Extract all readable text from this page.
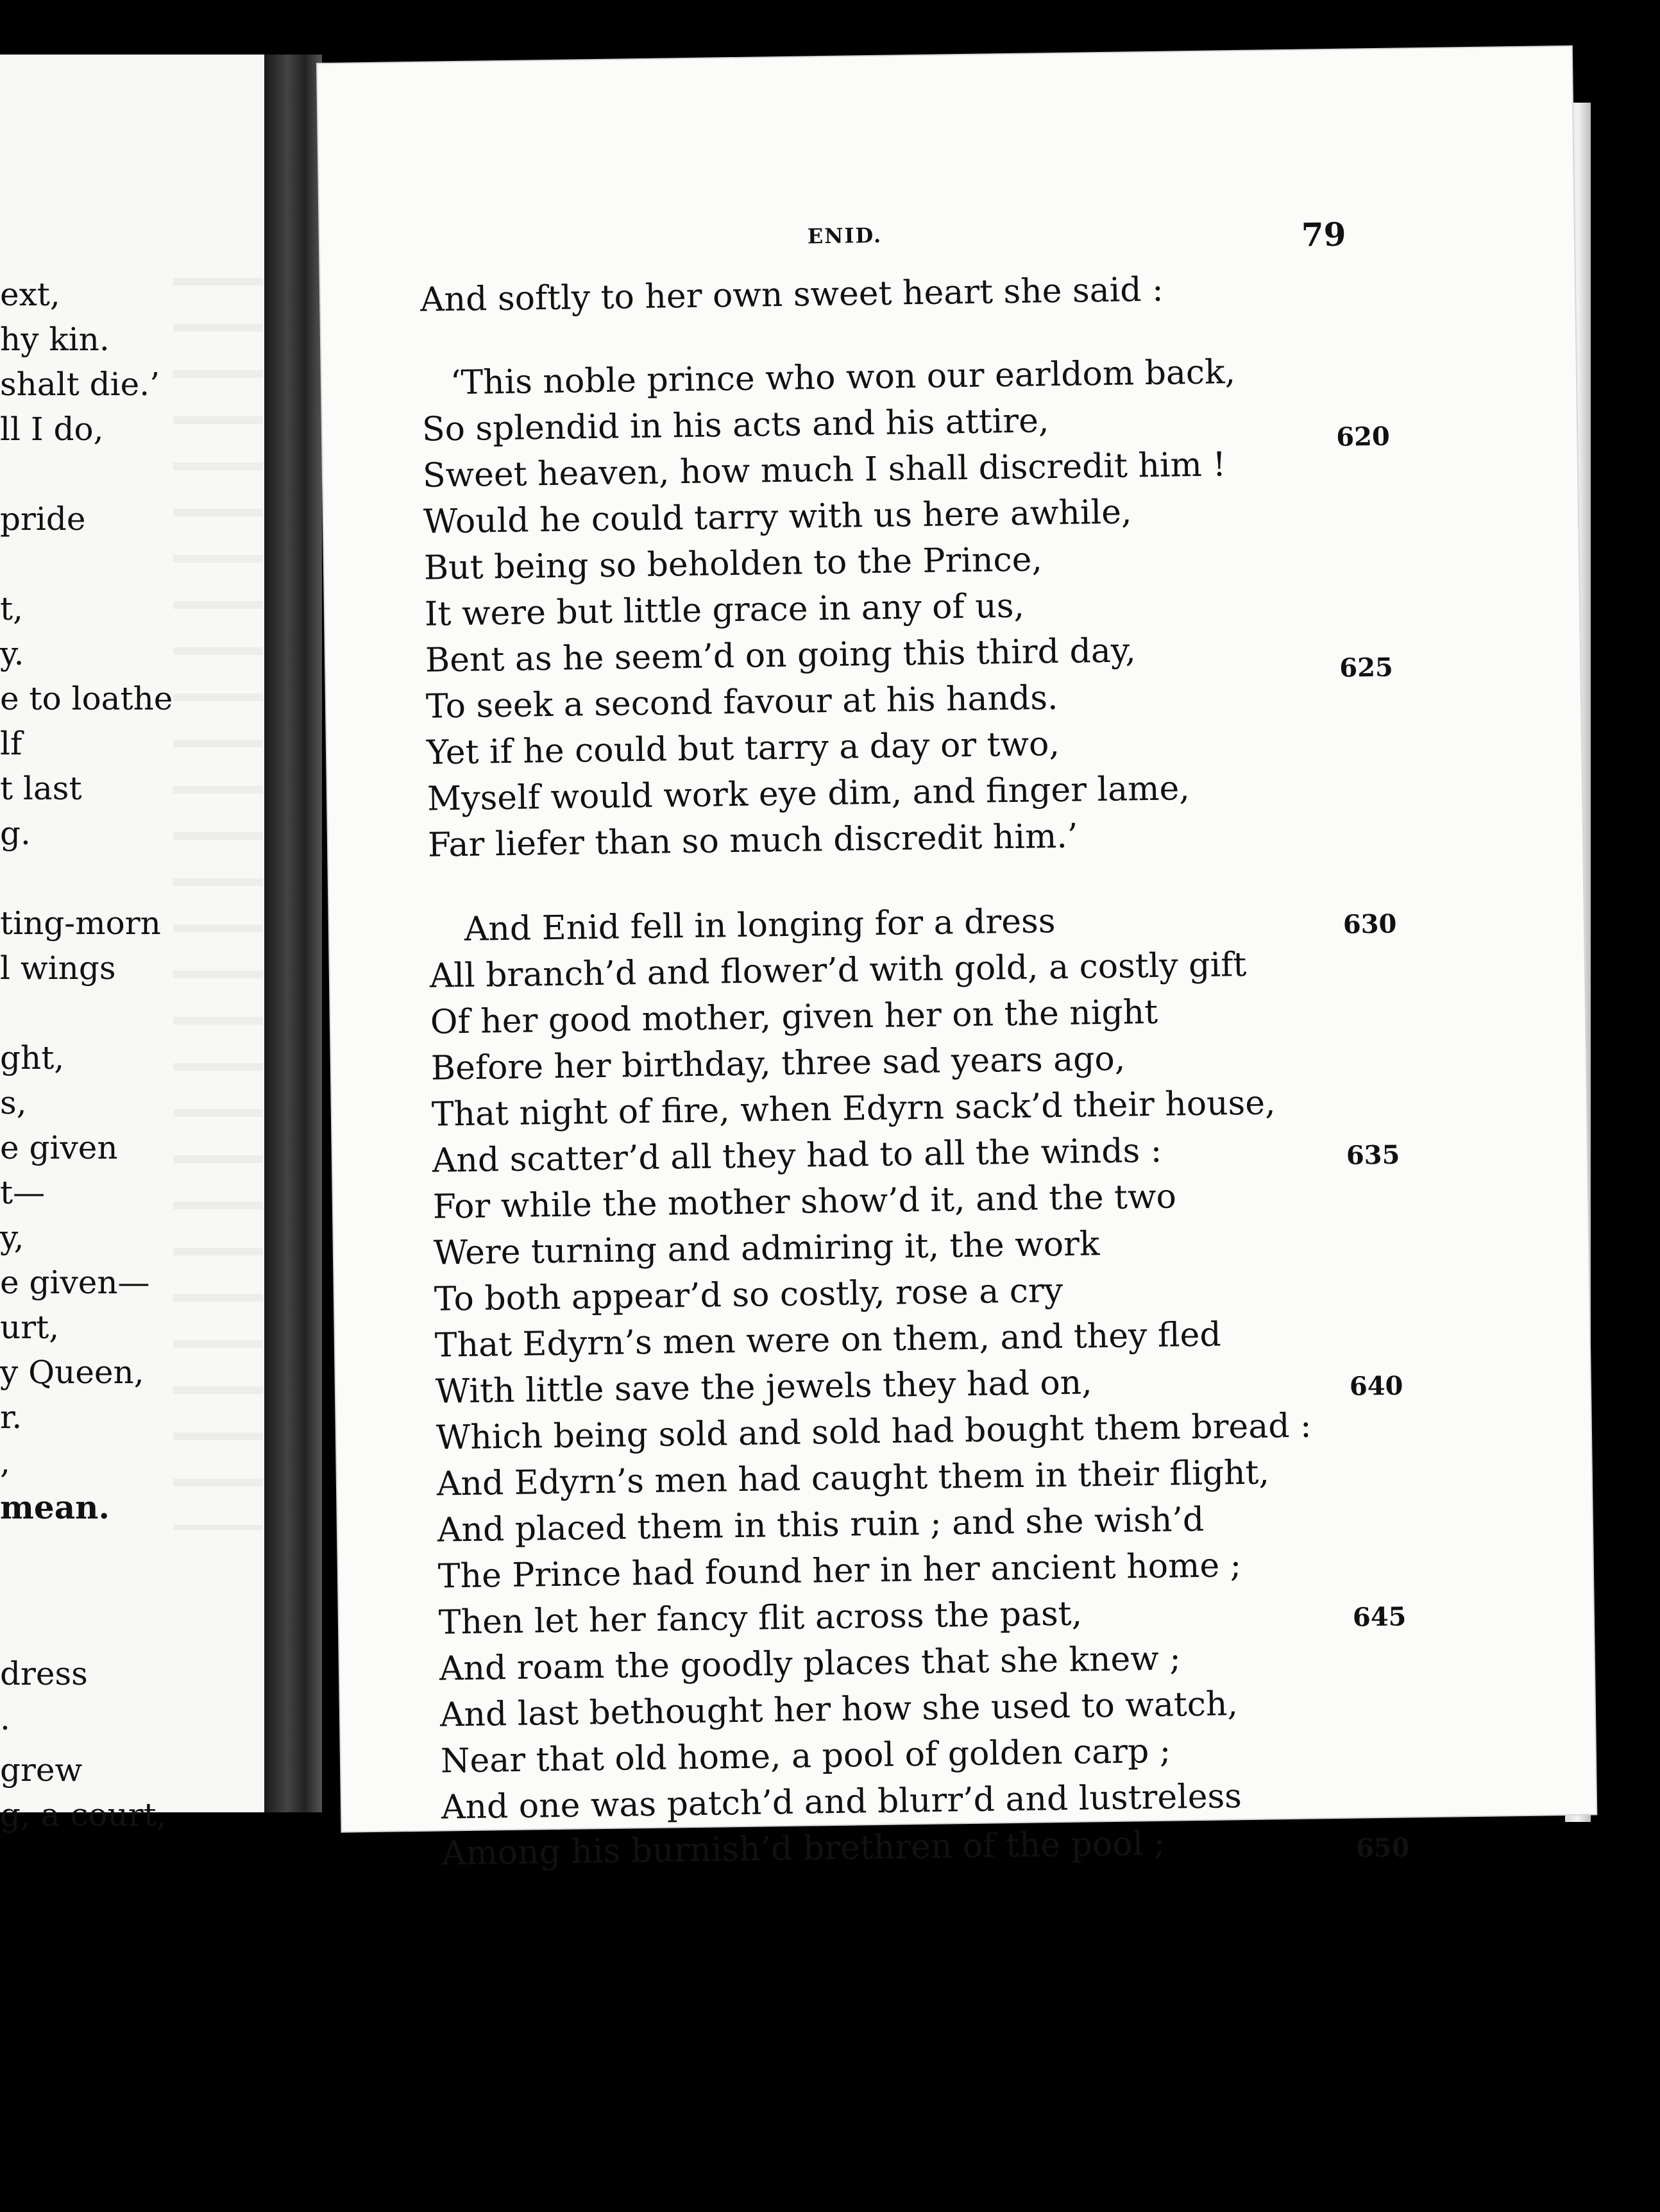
ext,
hy kin.
shalt die.’
ll I do,
pride
t,
y.
e to loathe
lf
t last
g.
ting-morn
l wings
ght,
s,
e given
t—
y,
e given—
urt,
y Queen,
r.
,
mean.
dress
.
grew
g, a court,
ENID.	79
And softly to her own sweet heart she said :
‘This noble prince who won our earldom back,
So splendid in his acts and his attire,
Sweet heaven, how much I shall discredit him !
Would he could tarry with us here awhile,
But being so beholden to the Prince,
It were but little grace in any of us,
Bent as he seem’d on going this third day,
To seek a second favour at his hands.
Yet if he could but tarry a day or two,
Myself would work eye dim, and finger lame,
Far liefer than so much discredit him.’
And Enid fell in longing for a dress
All branch’d and flower’d with gold, a costly gift
Of her good mother, given her on the night
Before her birthday, three sad years ago,
That night of fire, when Edyrn sack’d their house,
And scatter’d all they had to all the winds :
For while the mother show’d it, and the two
Were turning and admiring it, the work
To both appear’d so costly, rose a cry
That Edyrn’s men were on them, and they fled
With little save the jewels they had on,
Which being sold and sold had bought them bread :
And Edyrn’s men had caught them in their flight,
And placed them in this ruin ; and she wish’d
The Prince had found her in her ancient home ;
Then let her fancy flit across the past,
And roam the goodly places that she knew ;
And last bethought her how she used to watch,
Near that old home, a pool of golden carp ;
And one was patch’d and blurr’d and lustreless
Among his burnish’d brethren of the pool ;
620
625
630
635
640
645
650
